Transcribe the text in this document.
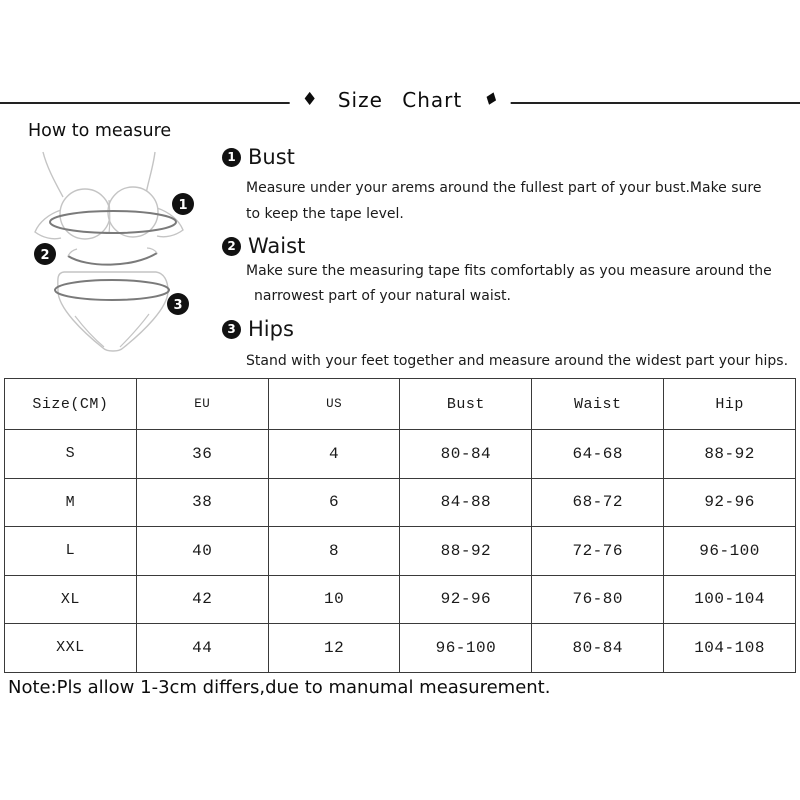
♦ Size Chart ♦
How to measure
1
2
3
1 Bust
Measure under your arems around the fullest part of your bust.Make sure
to keep the tape level.
2 Waist
Make sure the measuring tape fits comfortably as you measure around the
narrowest part of your natural waist.
3 Hips
Stand with your feet together and measure around the widest part your hips.
Size(CM)	EU	US	Bust	Waist	Hip
S	36	4	80-84	64-68	88-92
M	38	6	84-88	68-72	92-96
L	40	8	88-92	72-76	96-100
XL	42	10	92-96	76-80	100-104
XXL	44	12	96-100	80-84	104-108
Note:Pls allow 1-3cm differs,due to manumal measurement.
